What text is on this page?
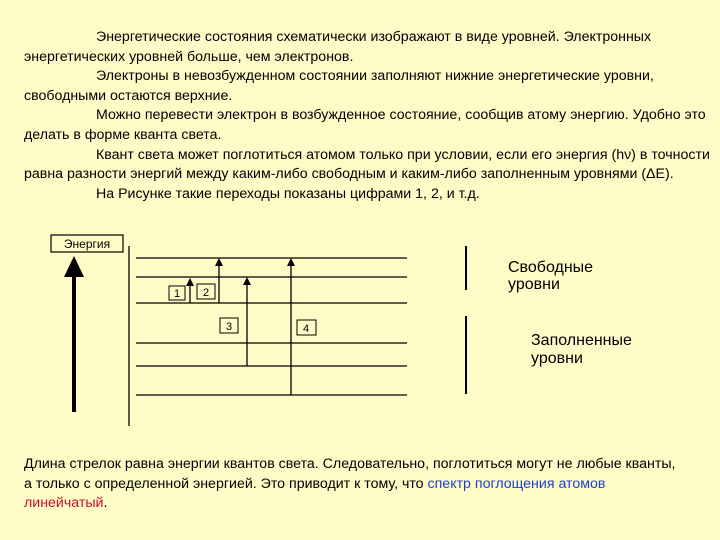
Энергетические состояния схематически изображают в виде уровней. Электронных энергетических уровней больше, чем электронов.

Электроны в невозбужденном состоянии заполняют нижние энергетические уровни, свободными остаются верхние.

Можно перевести электрон в возбужденное состояние, сообщив атому энергию. Удобно это делать в форме кванта света.

Квант света может поглотиться атомом только при условии, если его энергия (hν) в точности равна разности энергий между каким-либо свободным и каким-либо заполненным уровнями (ΔE).

На Рисунке такие переходы показаны цифрами 1, 2, и т.д.

Энергия
1 2
3	4
Свободные
уровни
Заполненные
уровни

Длина стрелок равна энергии квантов света. Следовательно, поглотиться могут не любые кванты, а только с определенной энергией. Это приводит к тому, что спектр поглощения атомов линейчатый.
